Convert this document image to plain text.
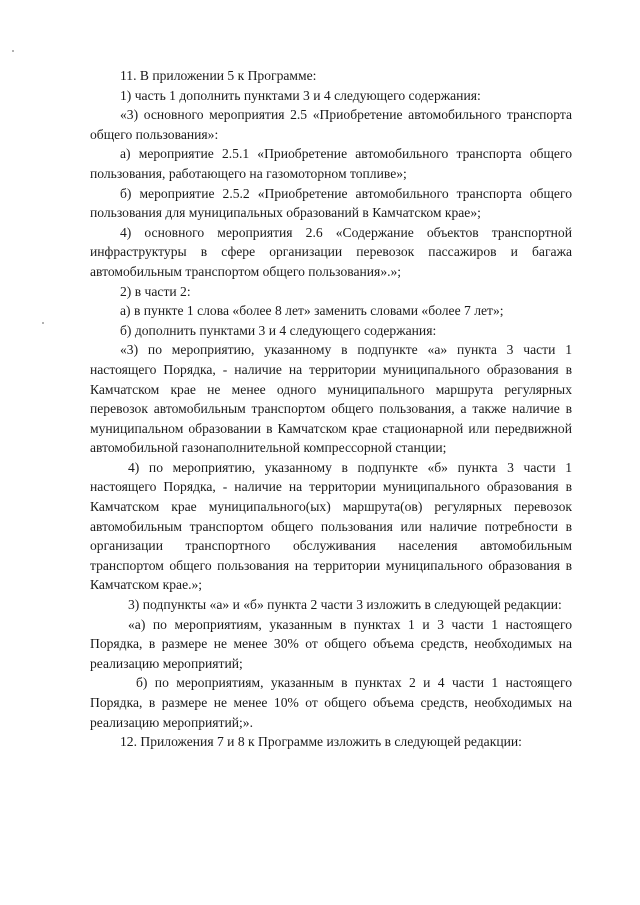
11. В приложении 5 к Программе:

1) часть 1 дополнить пунктами 3 и 4 следующего содержания:

«3) основного мероприятия 2.5 «Приобретение автомобильного транспорта общего пользования»:

а) мероприятие 2.5.1 «Приобретение автомобильного транспорта общего пользования, работающего на газомоторном топливе»;

б) мероприятие 2.5.2 «Приобретение автомобильного транспорта общего пользования для муниципальных образований в Камчатском крае»;

4) основного мероприятия 2.6 «Содержание объектов транспортной инфраструктуры в сфере организации перевозок пассажиров и багажа автомобильным транспортом общего пользования».»;

2) в части 2:

а) в пункте 1 слова «более 8 лет» заменить словами «более 7 лет»;

б) дополнить пунктами 3 и 4 следующего содержания:

«3) по мероприятию, указанному в подпункте «а» пункта 3 части 1 настоящего Порядка, - наличие на территории муниципального образования в Камчатском крае не менее одного муниципального маршрута регулярных перевозок автомобильным транспортом общего пользования, а также наличие в муниципальном образовании в Камчатском крае стационарной или передвижной автомобильной газонаполнительной компрессорной станции;

4) по мероприятию, указанному в подпункте «б» пункта 3 части 1 настоящего Порядка, - наличие на территории муниципального образования в Камчатском крае муниципального(ых) маршрута(ов) регулярных перевозок автомобильным транспортом общего пользования или наличие потребности в организации транспортного обслуживания населения автомобильным транспортом общего пользования на территории муниципального образования в Камчатском крае.»;

3) подпункты «а» и «б» пункта 2 части 3 изложить в следующей редакции:

«а) по мероприятиям, указанным в пунктах 1 и 3 части 1 настоящего Порядка, в размере не менее 30% от общего объема средств, необходимых на реализацию мероприятий;

б) по мероприятиям, указанным в пунктах 2 и 4 части 1 настоящего Порядка, в размере не менее 10% от общего объема средств, необходимых на реализацию мероприятий;».

12. Приложения 7 и 8 к Программе изложить в следующей редакции:
